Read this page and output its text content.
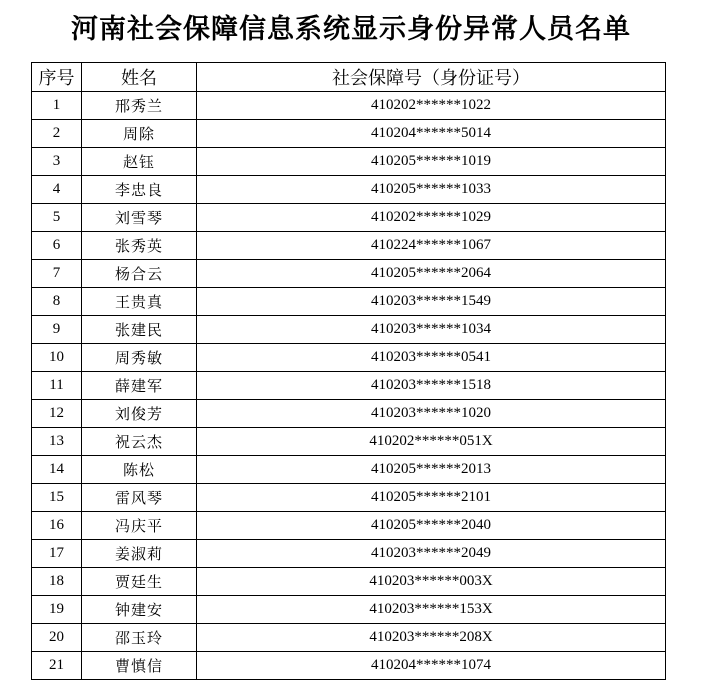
河南社会保障信息系统显示身份异常人员名单
序号	姓名	社会保障号（身份证号）
1	邢秀兰	410202******1022
2	周除	410204******5014
3	赵钰	410205******1019
4	李忠良	410205******1033
5	刘雪琴	410202******1029
6	张秀英	410224******1067
7	杨合云	410205******2064
8	王贵真	410203******1549
9	张建民	410203******1034
10	周秀敏	410203******0541
11	薛建军	410203******1518
12	刘俊芳	410203******1020
13	祝云杰	410202******051X
14	陈松	410205******2013
15	雷风琴	410205******2101
16	冯庆平	410205******2040
17	姜淑莉	410203******2049
18	贾廷生	410203******003X
19	钟建安	410203******153X
20	邵玉玲	410203******208X
21	曹慎信	410204******1074
